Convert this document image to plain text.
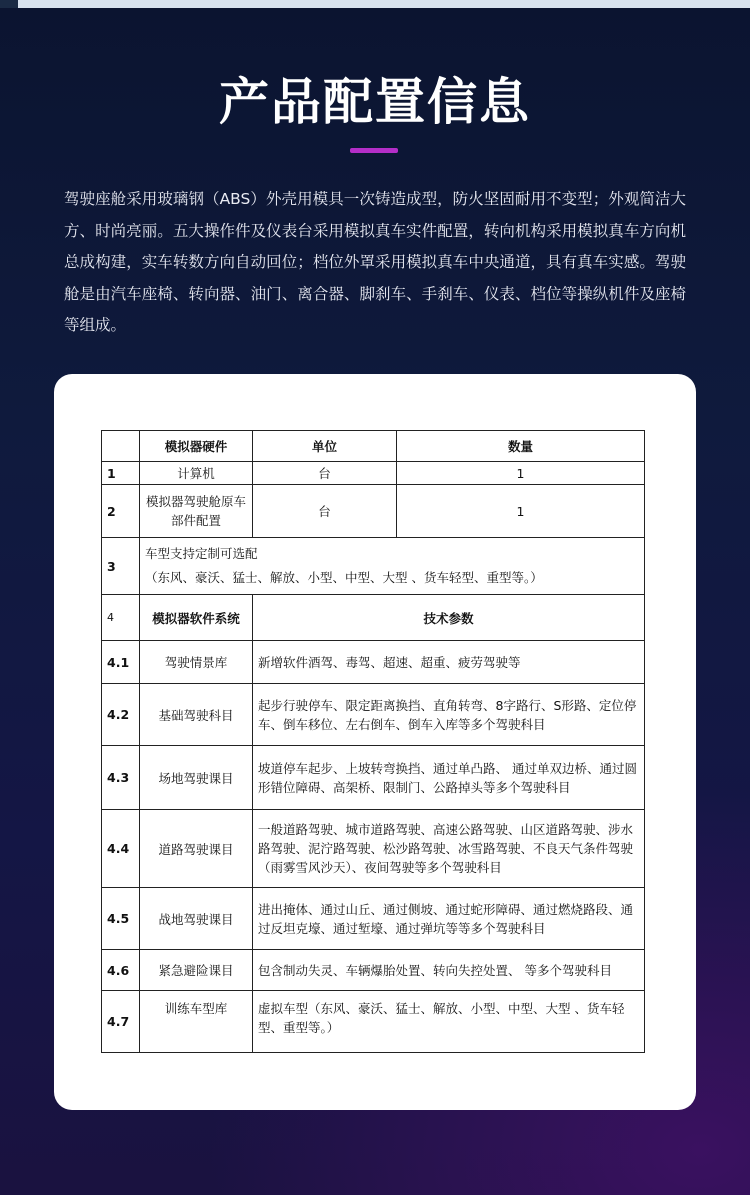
产品配置信息

驾驶座舱采用玻璃钢（ABS）外壳用模具一次铸造成型，防火坚固耐用不变型；外观简洁大方、时尚亮丽。五大操作件及仪表台采用模拟真车实件配置，转向机构采用模拟真车方向机总成构建，实车转数方向自动回位；档位外罩采用模拟真车中央通道，具有真车实感。驾驶舱是由汽车座椅、转向器、油门、离合器、脚刹车、手刹车、仪表、档位等操纵机件及座椅等组成。

	模拟器硬件	单位	数量
1	计算机	台	1
2	模拟器驾驶舱原车部件配置	台	1
3	车型支持定制可选配
（东风、豪沃、猛士、解放、小型、中型、大型 、货车轻型、重型等。）		

4	模拟器软件系统	技术参数	
4.1	驾驶情景库	新增软件酒驾、毒驾、超速、超重、疲劳驾驶等	
4.2	基础驾驶科目	起步行驶停车、限定距离换挡、直角转弯、8字路行、S形路、定位停车、倒车移位、左右倒车、倒车入库等多个驾驶科目	
4.3	场地驾驶课目	坡道停车起步、上坡转弯换挡、通过单凸路、 通过单双边桥、通过圆形错位障碍、高架桥、限制门、公路掉头等多个驾驶科目	
4.4	道路驾驶课目	一般道路驾驶、城市道路驾驶、高速公路驾驶、山区道路驾驶、涉水路驾驶、泥泞路驾驶、松沙路驾驶、冰雪路驾驶、不良天气条件驾驶（雨雾雪风沙天）、夜间驾驶等多个驾驶科目	
4.5	战地驾驶课目	进出掩体、通过山丘、通过侧坡、通过蛇形障碍、通过燃烧路段、通过反坦克壕、通过堑壕、通过弹坑等等多个驾驶科目	
4.6	紧急避险课目	包含制动失灵、车辆爆胎处置、转向失控处置、 等多个驾驶科目	
4.7	训练车型库	虚拟车型（东风、豪沃、猛士、解放、小型、中型、大型 、货车轻型、重型等。）	
